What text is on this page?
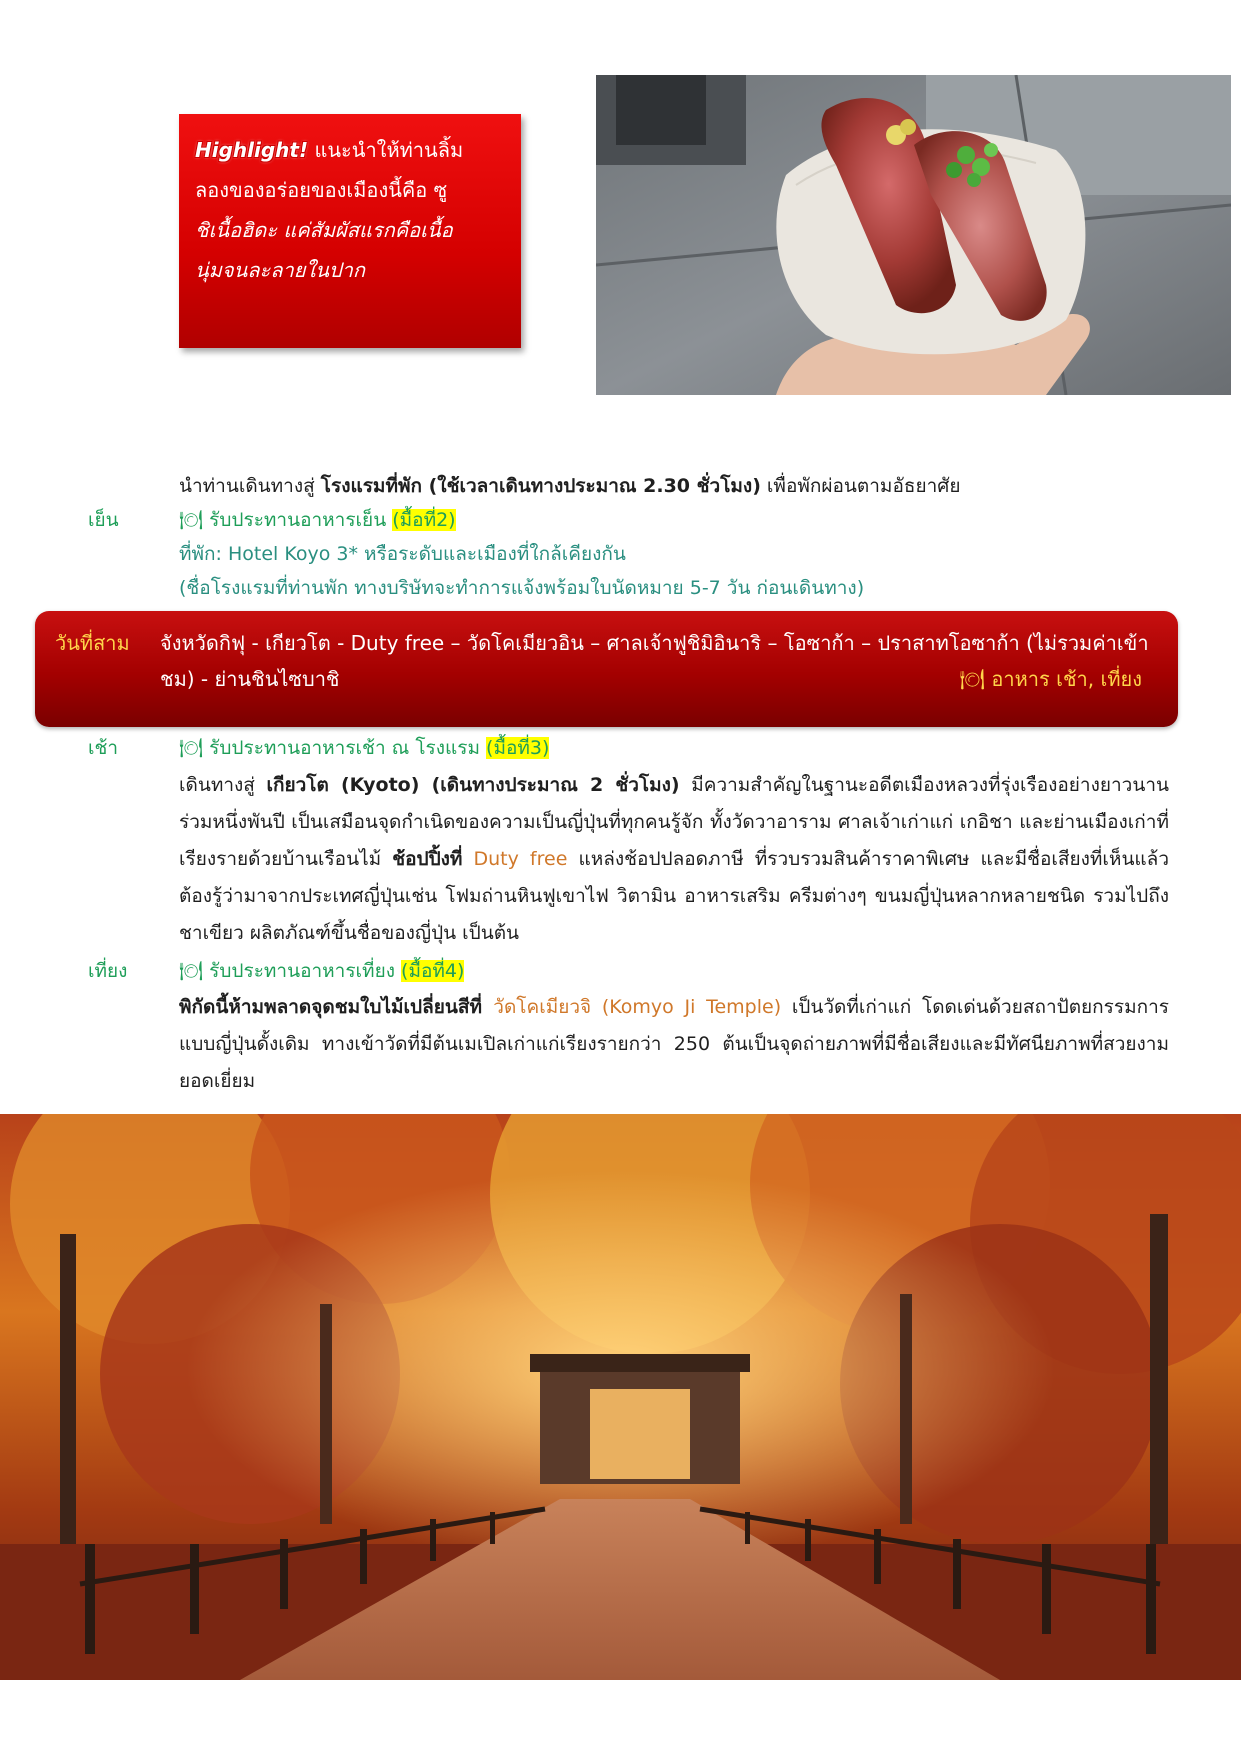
Highlight! แนะนำให้ท่านลิ้ม
ลองของอร่อยของเมืองนี้คือ ซู
ชิเนื้อฮิดะ แค่สัมผัสแรกคือเนื้อ
นุ่มจนละลายในปาก
นำท่านเดินทางสู่ โรงแรมที่พัก (ใช้เวลาเดินทางประมาณ 2.30 ชั่วโมง) เพื่อพักผ่อนตามอัธยาศัย
เย็น	🍽 รับประทานอาหารเย็น (มื้อที่2)
ที่พัก: Hotel Koyo 3* หรือระดับและเมืองที่ใกล้เคียงกัน
(ชื่อโรงแรมที่ท่านพัก ทางบริษัทจะทำการแจ้งพร้อมใบนัดหมาย 5-7 วัน ก่อนเดินทาง)
วันที่สาม จังหวัดกิฟุ - เกียวโต - Duty free – วัดโคเมียวอิน – ศาลเจ้าฟูชิมิอินาริ – โอซาก้า – ปราสาทโอซาก้า (ไม่รวมค่าเข้าชม) - ย่านชินไซบาชิ	🍽 อาหาร เช้า, เที่ยง
เช้า	🍽 รับประทานอาหารเช้า ณ โรงแรม (มื้อที่3)
เดินทางสู่ เกียวโต (Kyoto) (เดินทางประมาณ 2 ชั่วโมง) มีความสำคัญในฐานะอดีตเมืองหลวงที่รุ่งเรืองอย่างยาวนานร่วมหนึ่งพันปี เป็นเสมือนจุดกำเนิดของความเป็นญี่ปุ่นที่ทุกคนรู้จัก ทั้งวัดวาอาราม ศาลเจ้าเก่าแก่ เกอิชา และย่านเมืองเก่าที่เรียงรายด้วยบ้านเรือนไม้ ช้อปปิ้งที่ Duty free แหล่งช้อปปลอดภาษี ที่รวบรวมสินค้าราคาพิเศษ และมีชื่อเสียงที่เห็นแล้วต้องรู้ว่ามาจากประเทศญี่ปุ่นเช่น โฟมถ่านหินฟูเขาไฟ วิตามิน อาหารเสริม ครีมต่างๆ ขนมญี่ปุ่นหลากหลายชนิด รวมไปถึงชาเขียว ผลิตภัณฑ์ขึ้นชื่อของญี่ปุ่น เป็นต้น
เที่ยง	🍽 รับประทานอาหารเที่ยง (มื้อที่4)
พิกัดนี้ห้ามพลาดจุดชมใบไม้เปลี่ยนสีที่ วัดโคเมียวจิ (Komyo Ji Temple) เป็นวัดที่เก่าแก่ โดดเด่นด้วยสถาปัตยกรรมการแบบญี่ปุ่นดั้งเดิม ทางเข้าวัดที่มีต้นเมเปิลเก่าแก่เรียงรายกว่า 250 ต้นเป็นจุดถ่ายภาพที่มีชื่อเสียงและมีทัศนียภาพที่สวยงามยอดเยี่ยม
